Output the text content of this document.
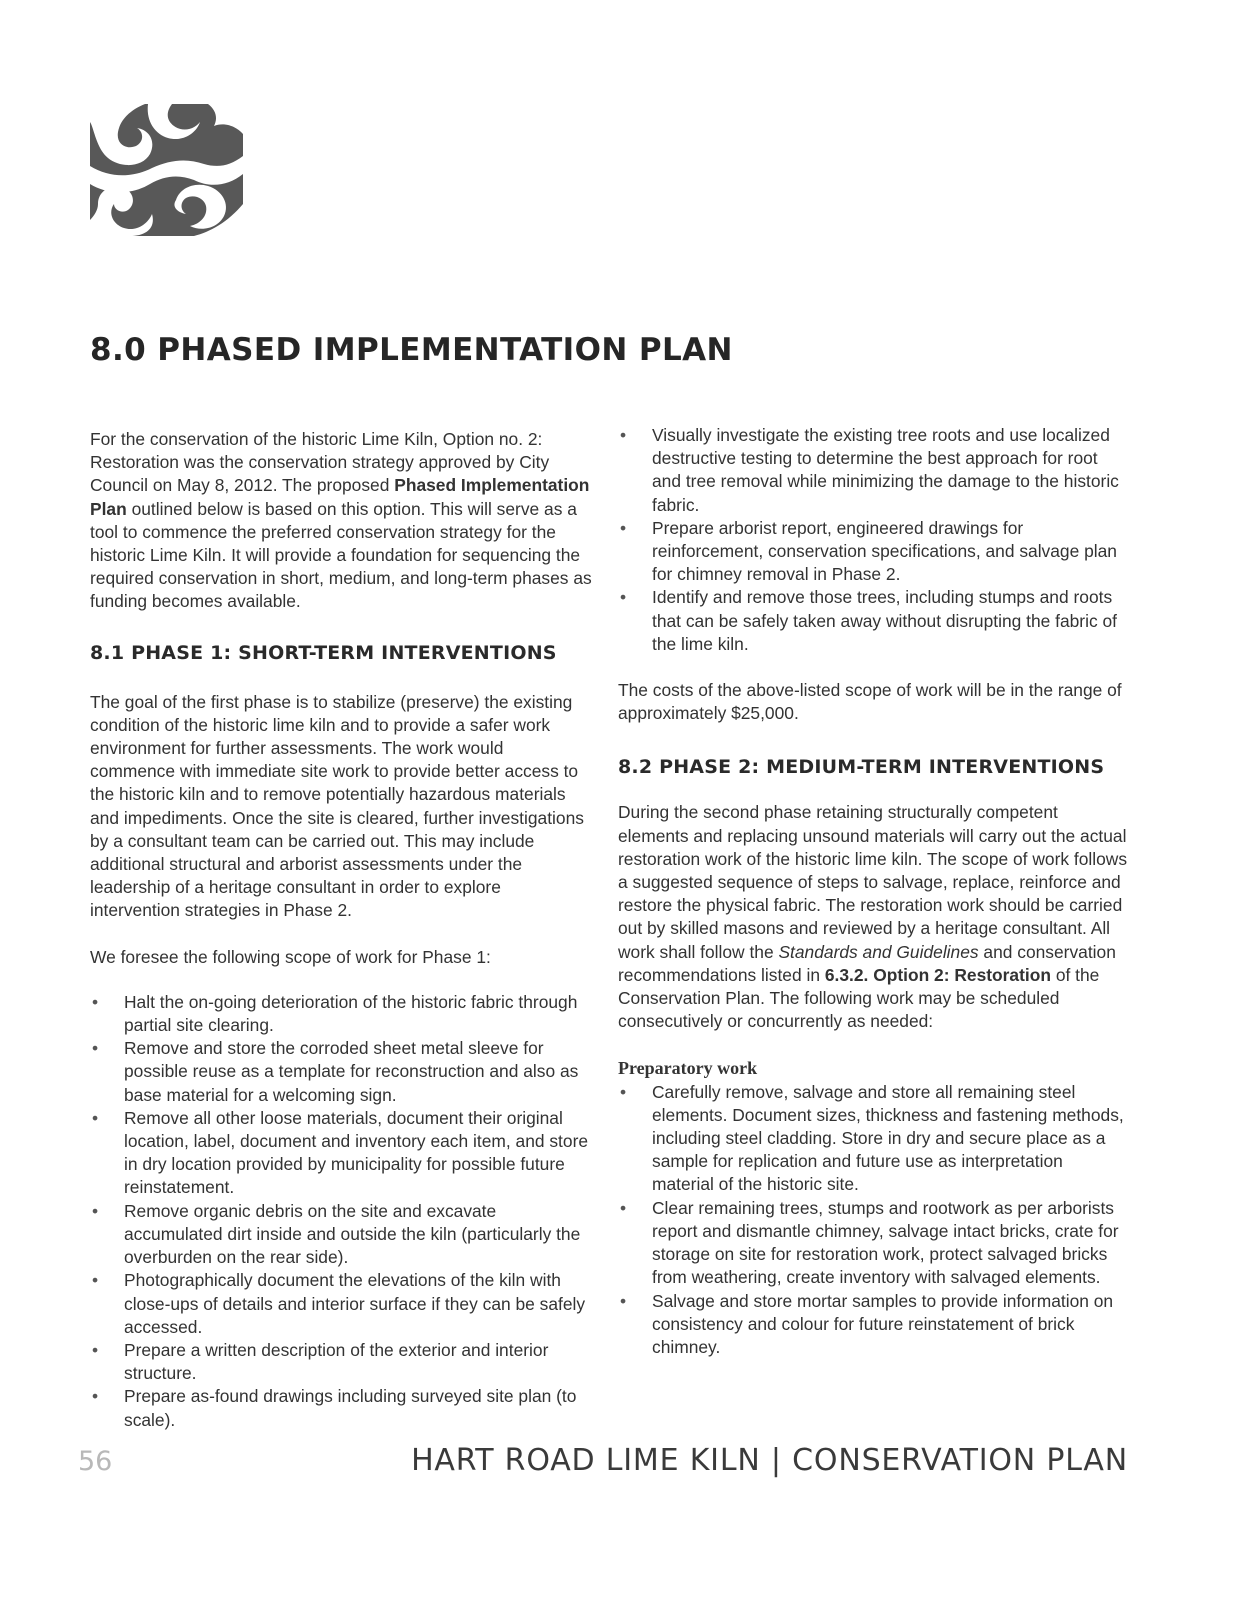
8.0 PHASED IMPLEMENTATION PLAN

For the conservation of the historic Lime Kiln, Option no. 2: Restoration was the conservation strategy approved by City Council on May 8, 2012. The proposed Phased Implementation Plan outlined below is based on this option. This will serve as a tool to commence the preferred conservation strategy for the historic Lime Kiln. It will provide a foundation for sequencing the required conservation in short, medium, and long-term phases as funding becomes available.

8.1 PHASE 1: SHORT-TERM INTERVENTIONS

The goal of the first phase is to stabilize (preserve) the existing condition of the historic lime kiln and to provide a safer work environment for further assessments. The work would commence with immediate site work to provide better access to the historic kiln and to remove potentially hazardous materials and impediments. Once the site is cleared, further investigations by a consultant team can be carried out. This may include additional structural and arborist assessments under the leadership of a heritage consultant in order to explore intervention strategies in Phase 2.

We foresee the following scope of work for Phase 1:

• Halt the on-going deterioration of the historic fabric through partial site clearing.
• Remove and store the corroded sheet metal sleeve for possible reuse as a template for reconstruction and also as base material for a welcoming sign.
• Remove all other loose materials, document their original location, label, document and inventory each item, and store in dry location provided by municipality for possible future reinstatement.
• Remove organic debris on the site and excavate accumulated dirt inside and outside the kiln (particularly the overburden on the rear side).
• Photographically document the elevations of the kiln with close-ups of details and interior surface if they can be safely accessed.
• Prepare a written description of the exterior and interior structure.
• Prepare as-found drawings including surveyed site plan (to scale).
• Visually investigate the existing tree roots and use localized destructive testing to determine the best approach for root and tree removal while minimizing the damage to the historic fabric.
• Prepare arborist report, engineered drawings for reinforcement, conservation specifications, and salvage plan for chimney removal in Phase 2.
• Identify and remove those trees, including stumps and roots that can be safely taken away without disrupting the fabric of the lime kiln.

The costs of the above-listed scope of work will be in the range of approximately $25,000.

8.2 PHASE 2: MEDIUM-TERM INTERVENTIONS

During the second phase retaining structurally competent elements and replacing unsound materials will carry out the actual restoration work of the historic lime kiln. The scope of work follows a suggested sequence of steps to salvage, replace, reinforce and restore the physical fabric. The restoration work should be carried out by skilled masons and reviewed by a heritage consultant. All work shall follow the Standards and Guidelines and conservation recommendations listed in 6.3.2. Option 2: Restoration of the Conservation Plan. The following work may be scheduled consecutively or concurrently as needed:

Preparatory work

• Carefully remove, salvage and store all remaining steel elements. Document sizes, thickness and fastening methods, including steel cladding. Store in dry and secure place as a sample for replication and future use as interpretation material of the historic site.
• Clear remaining trees, stumps and rootwork as per arborists report and dismantle chimney, salvage intact bricks, crate for storage on site for restoration work, protect salvaged bricks from weathering, create inventory with salvaged elements.
• Salvage and store mortar samples to provide information on consistency and colour for future reinstatement of brick chimney.
56	HART ROAD LIME KILN | CONSERVATION PLAN
